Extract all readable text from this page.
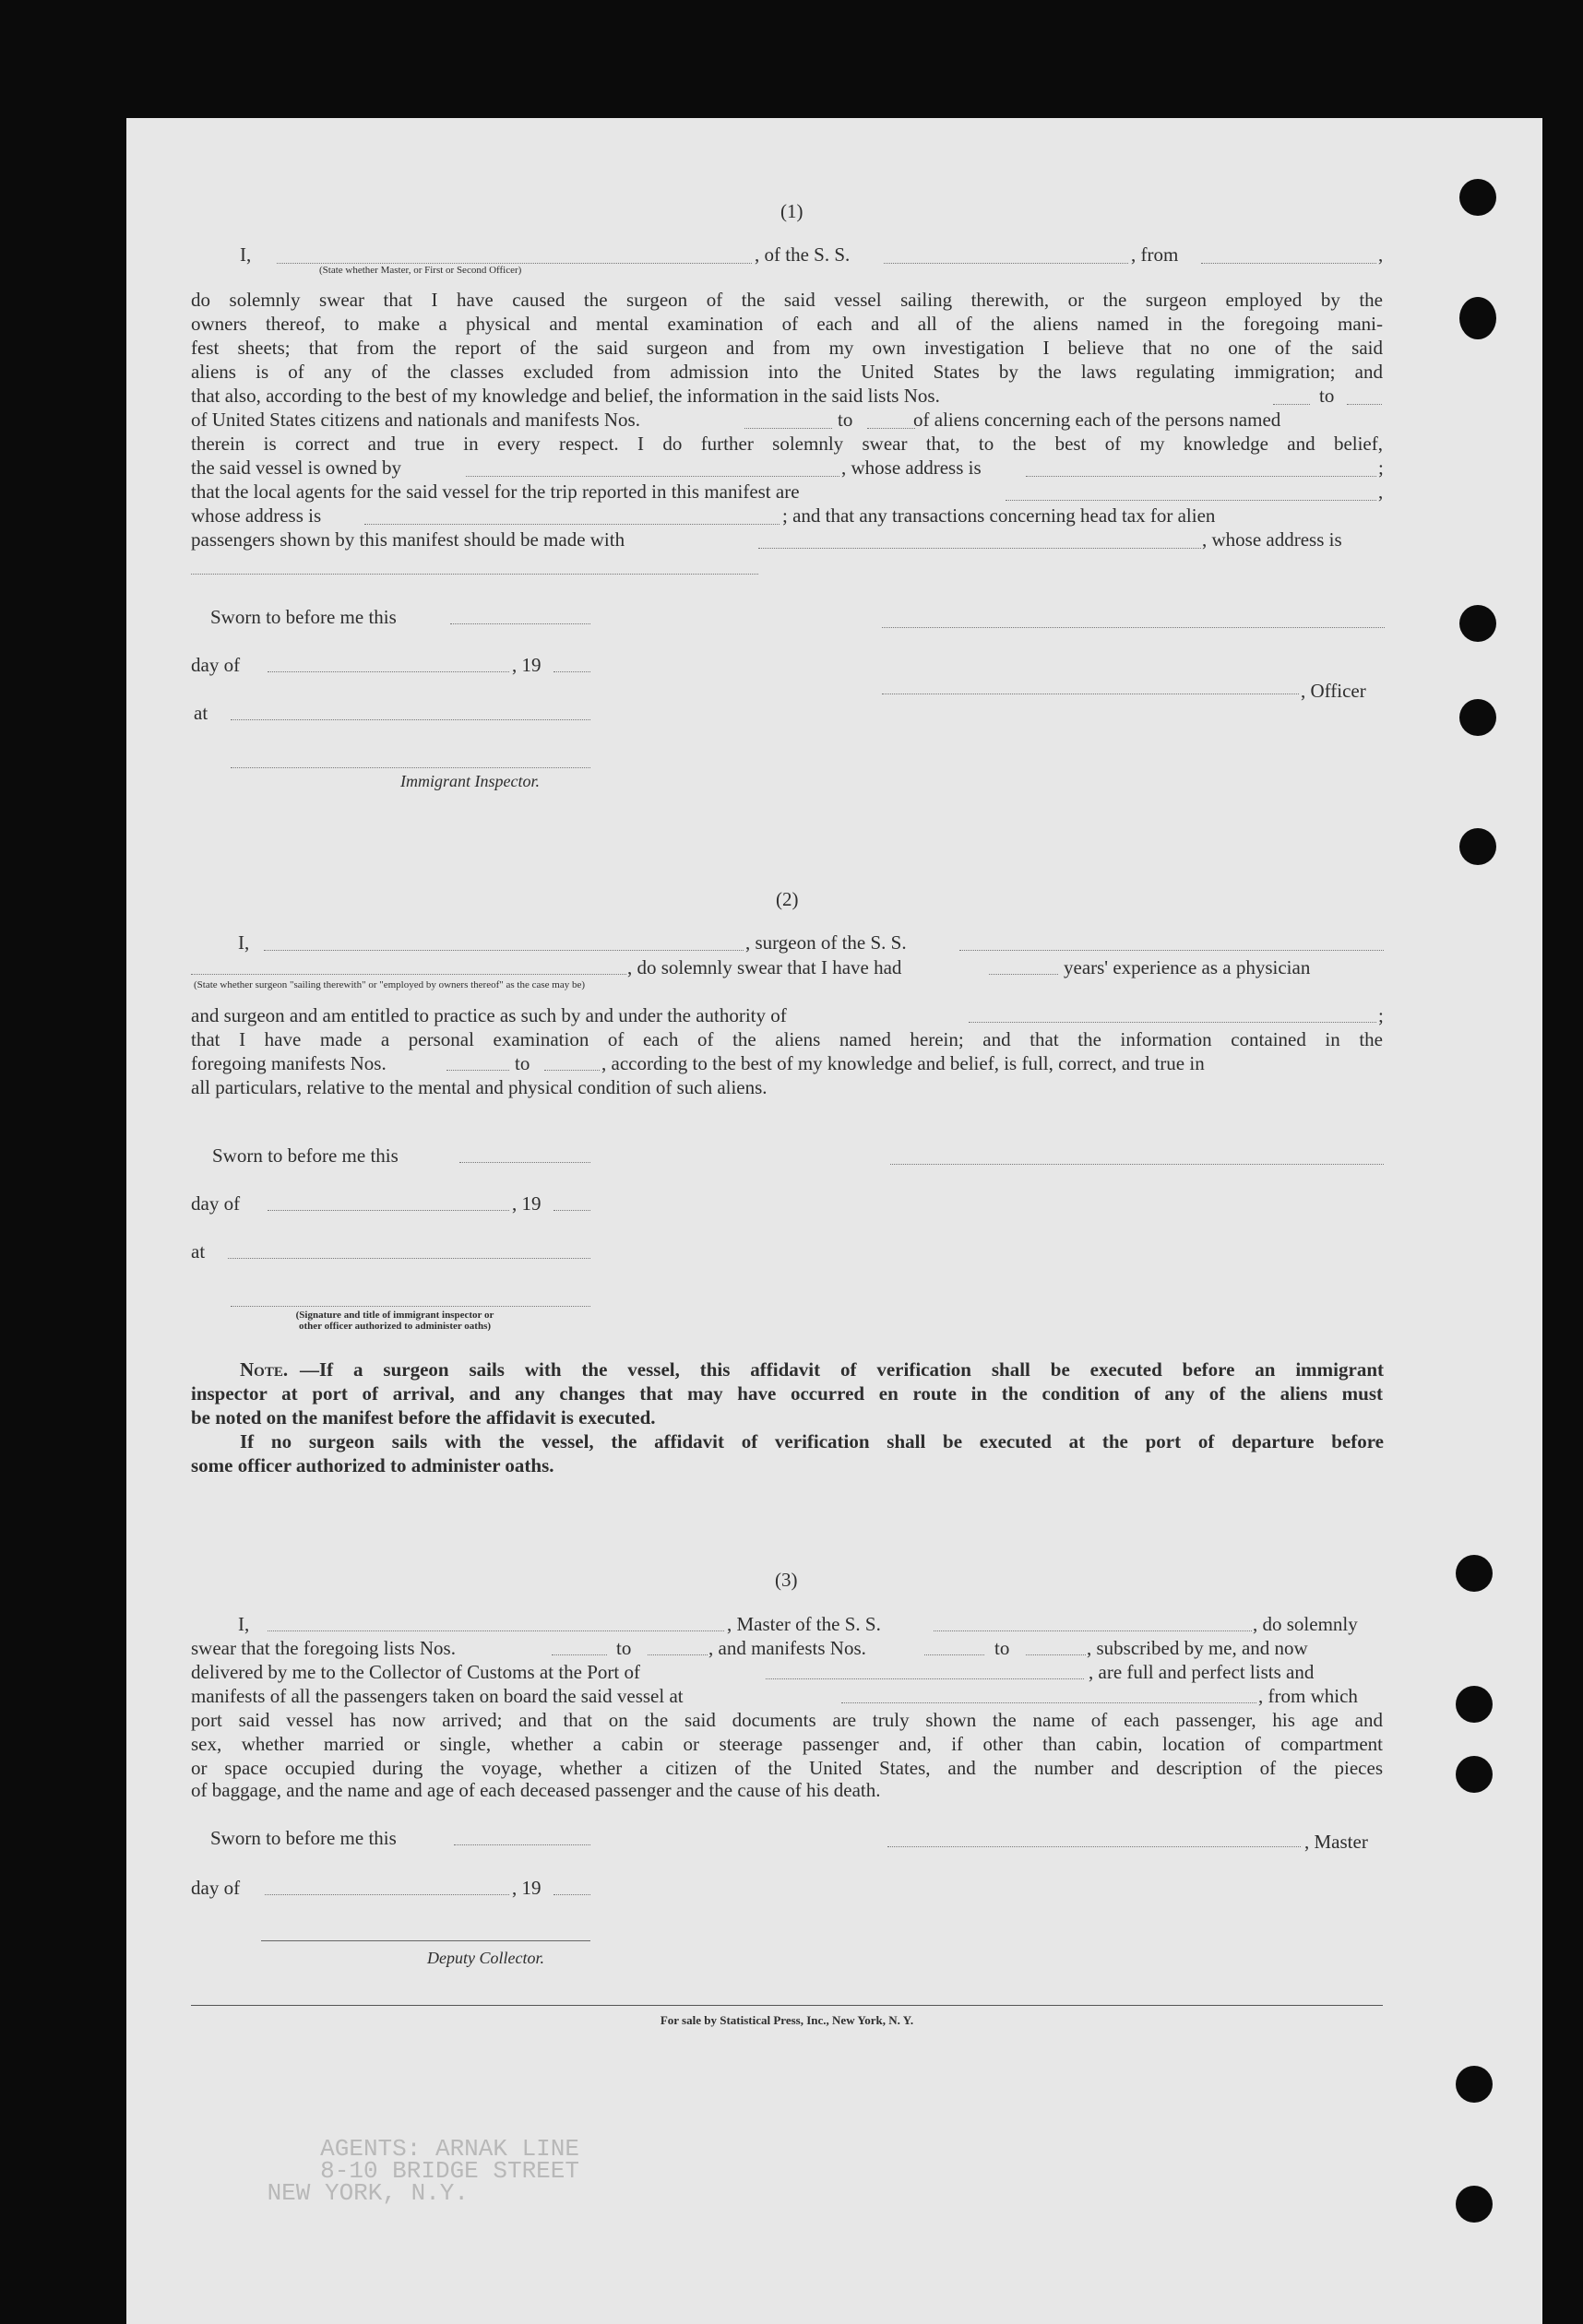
(1)
I,	, of the S. S.	, from	,
(State whether Master, or First or Second Officer)
do solemnly swear that I have caused the surgeon of the said vessel sailing therewith, or the surgeon employed by the
owners thereof, to make a physical and mental examination of each and all of the aliens named in the foregoing mani-
fest sheets; that from the report of the said surgeon and from my own investigation I believe that no one of the said
aliens is of any of the classes excluded from admission into the United States by the laws regulating immigration; and
that also, according to the best of my knowledge and belief, the information in the said lists Nos.	to
of United States citizens and nationals and manifests Nos.	to	of aliens concerning each of the persons named
therein is correct and true in every respect. I do further solemnly swear that, to the best of my knowledge and belief,
the said vessel is owned by	, whose address is	;
that the local agents for the said vessel for the trip reported in this manifest are	,
whose address is	; and that any transactions concerning head tax for alien
passengers shown by this manifest should be made with	, whose address is
Sworn to before me this
day of	, 19
, Officer
at
Immigrant Inspector.
(2)
I,	, surgeon of the S. S.
, do solemnly swear that I have had	years' experience as a physician
(State whether surgeon "sailing therewith" or "employed by owners thereof" as the case may be)
and surgeon and am entitled to practice as such by and under the authority of	;
that I have made a personal examination of each of the aliens named herein; and that the information contained in the
foregoing manifests Nos.	to	, according to the best of my knowledge and belief, is full, correct, and true in
all particulars, relative to the mental and physical condition of such aliens.
Sworn to before me this
day of	, 19
at
(Signature and title of immigrant inspector or
other officer authorized to administer oaths)
Note. —If a surgeon sails with the vessel, this affidavit of verification shall be executed before an immigrant
inspector at port of arrival, and any changes that may have occurred en route in the condition of any of the aliens must
be noted on the manifest before the affidavit is executed.
If no surgeon sails with the vessel, the affidavit of verification shall be executed at the port of departure before
some officer authorized to administer oaths.
(3)
I,	, Master of the S. S.	, do solemnly
swear that the foregoing lists Nos.	to	, and manifests Nos.	to	, subscribed by me, and now
delivered by me to the Collector of Customs at the Port of	, are full and perfect lists and
manifests of all the passengers taken on board the said vessel at	, from which
port said vessel has now arrived; and that on the said documents are truly shown the name of each passenger, his age and
sex, whether married or single, whether a cabin or steerage passenger and, if other than cabin, location of compartment
or space occupied during the voyage, whether a citizen of the United States, and the number and description of the pieces
of baggage, and the name and age of each deceased passenger and the cause of his death.
Sworn to before me this	, Master
day of	, 19
Deputy Collector.
For sale by Statistical Press, Inc., New York, N. Y.
AGENTS: ARNAK LINE
8-10 BRIDGE STREET
NEW YORK, N.Y.
